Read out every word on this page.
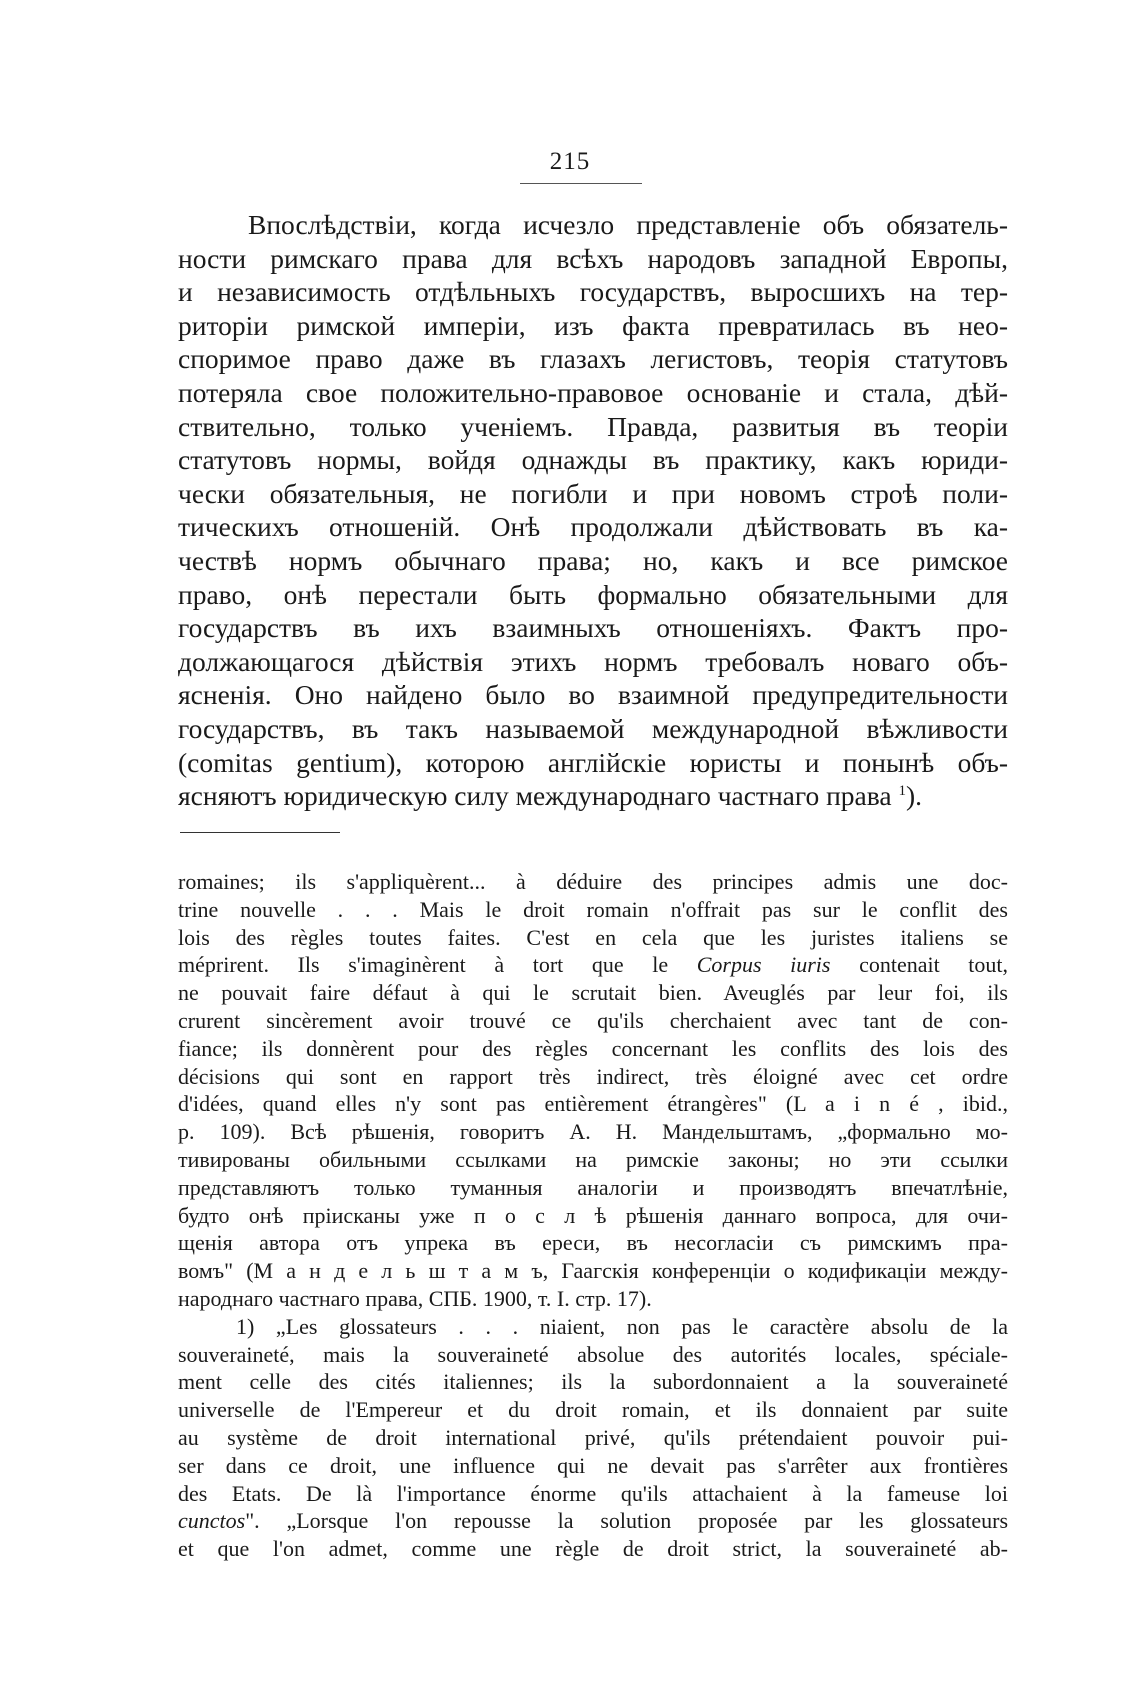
215
Впослѣдствіи, когда исчезло представленіе объ обязатель-
ности римскаго права для всѣхъ народовъ западной Европы,
и независимость отдѣльныхъ государствъ, выросшихъ на тер-
риторіи римской имперіи, изъ факта превратилась въ нео-
споримое право даже въ глазахъ легистовъ, теорія статутовъ
потеряла свое положительно-правовое основаніе и стала, дѣй-
ствительно, только ученіемъ. Правда, развитыя въ теоріи
статутовъ нормы, войдя однажды въ практику, какъ юриди-
чески обязательныя, не погибли и при новомъ строѣ поли-
тическихъ отношеній. Онѣ продолжали дѣйствовать въ ка-
чествѣ нормъ обычнаго права; но, какъ и все римское
право, онѣ перестали быть формально обязательными для
государствъ въ ихъ взаимныхъ отношеніяхъ. Фактъ про-
должающагося дѣйствія этихъ нормъ требовалъ новаго объ-
ясненія. Оно найдено было во взаимной предупредительности
государствъ, въ такъ называемой международной вѣжливости
(comitas gentium), которою англійскіе юристы и понынѣ объ-
ясняютъ юридическую силу международнаго частнаго права $^1$).
romaines; ils s'appliquèrent... à déduire des principes admis une doc-
trine nouvelle . . . Mais le droit romain n'offrait pas sur le conflit des
lois des règles toutes faites. C'est en cela que les juristes italiens se
méprirent. Ils s'imaginèrent à tort que le Corpus iuris contenait tout,
ne pouvait faire défaut à qui le scrutait bien. Aveuglés par leur foi, ils
crurent sincèrement avoir trouvé ce qu'ils cherchaient avec tant de con-
fiance; ils donnèrent pour des règles concernant les conflits des lois des
décisions qui sont en rapport très indirect, très éloigné avec cet ordre
d'idées, quand elles n'y sont pas entièrement étrangères" (L a i n é , ibid.,
p. 109). Всѣ рѣшенія, говоритъ А. Н. Мандельштамъ, „формально мо-
тивированы обильными ссылками на римскіе законы; но эти ссылки
представляютъ только туманныя аналогіи и производятъ впечатлѣніе,
будто онѣ пріисканы уже п о с л ѣ рѣшенія даннаго вопроса, для очи-
щенія автора отъ упрека въ ереси, въ несогласіи съ римскимъ пра-
вомъ" (М а н д е л ь ш т а м ъ, Гаагскія конференціи о кодификаціи между-
народнаго частнаго права, СПБ. 1900, т. I. стр. 17).
1) „Les glossateurs . . . niaient, non pas le caractère absolu de la
souveraineté, mais la souveraineté absolue des autorités locales, spéciale-
ment celle des cités italiennes; ils la subordonnaient a la souveraineté
universelle de l'Empereur et du droit romain, et ils donnaient par suite
au système de droit international privé, qu'ils prétendaient pouvoir pui-
ser dans ce droit, une influence qui ne devait pas s'arrêter aux frontières
des Etats. De là l'importance énorme qu'ils attachaient à la fameuse loi
cunctos". „Lorsque l'on repousse la solution proposée par les glossateurs
et que l'on admet, comme une règle de droit strict, la souveraineté ab-
